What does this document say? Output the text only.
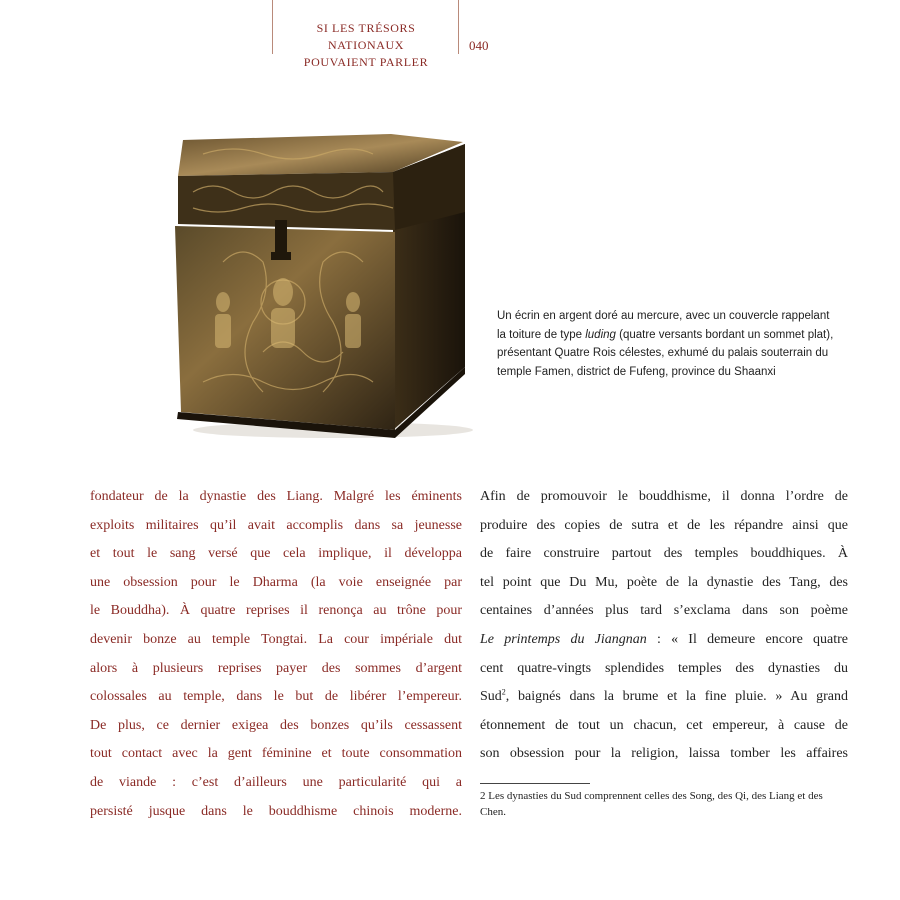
SI LES TRÉSORS NATIONAUX
POUVAIENT PARLER
040
Un écrin en argent doré au mercure, avec un couvercle rappelant la toiture de type luding (quatre versants bordant un sommet plat), présentant Quatre Rois célestes, exhumé du palais souterrain du temple Famen, district de Fufeng, province du Shaanxi
fondateur de la dynastie des Liang. Malgré les éminents
exploits militaires qu’il avait accomplis dans sa jeunesse
et tout le sang versé que cela implique, il développa
une obsession pour le Dharma (la voie enseignée par
le Bouddha). À quatre reprises il renonça au trône pour
devenir bonze au temple Tongtai. La cour impériale dut
alors à plusieurs reprises payer des sommes d’argent
colossales au temple, dans le but de libérer l’empereur.
De plus, ce dernier exigea des bonzes qu’ils cessassent
tout contact avec la gent féminine et toute consommation
de viande : c’est d’ailleurs une particularité qui a
persisté jusque dans le bouddhisme chinois moderne.
Afin de promouvoir le bouddhisme, il donna l’ordre de
produire des copies de sutra et de les répandre ainsi que
de faire construire partout des temples bouddhiques. À
tel point que Du Mu, poète de la dynastie des Tang, des
centaines d’années plus tard s’exclama dans son poème
Le printemps du Jiangnan : « Il demeure encore quatre
cent quatre-vingts splendides temples des dynasties du
Sud$^2$, baignés dans la brume et la fine pluie. » Au grand
étonnement de tout un chacun, cet empereur, à cause de
son obsession pour la religion, laissa tomber les affaires
2 Les dynasties du Sud comprennent celles des Song, des Qi, des Liang et des Chen.
